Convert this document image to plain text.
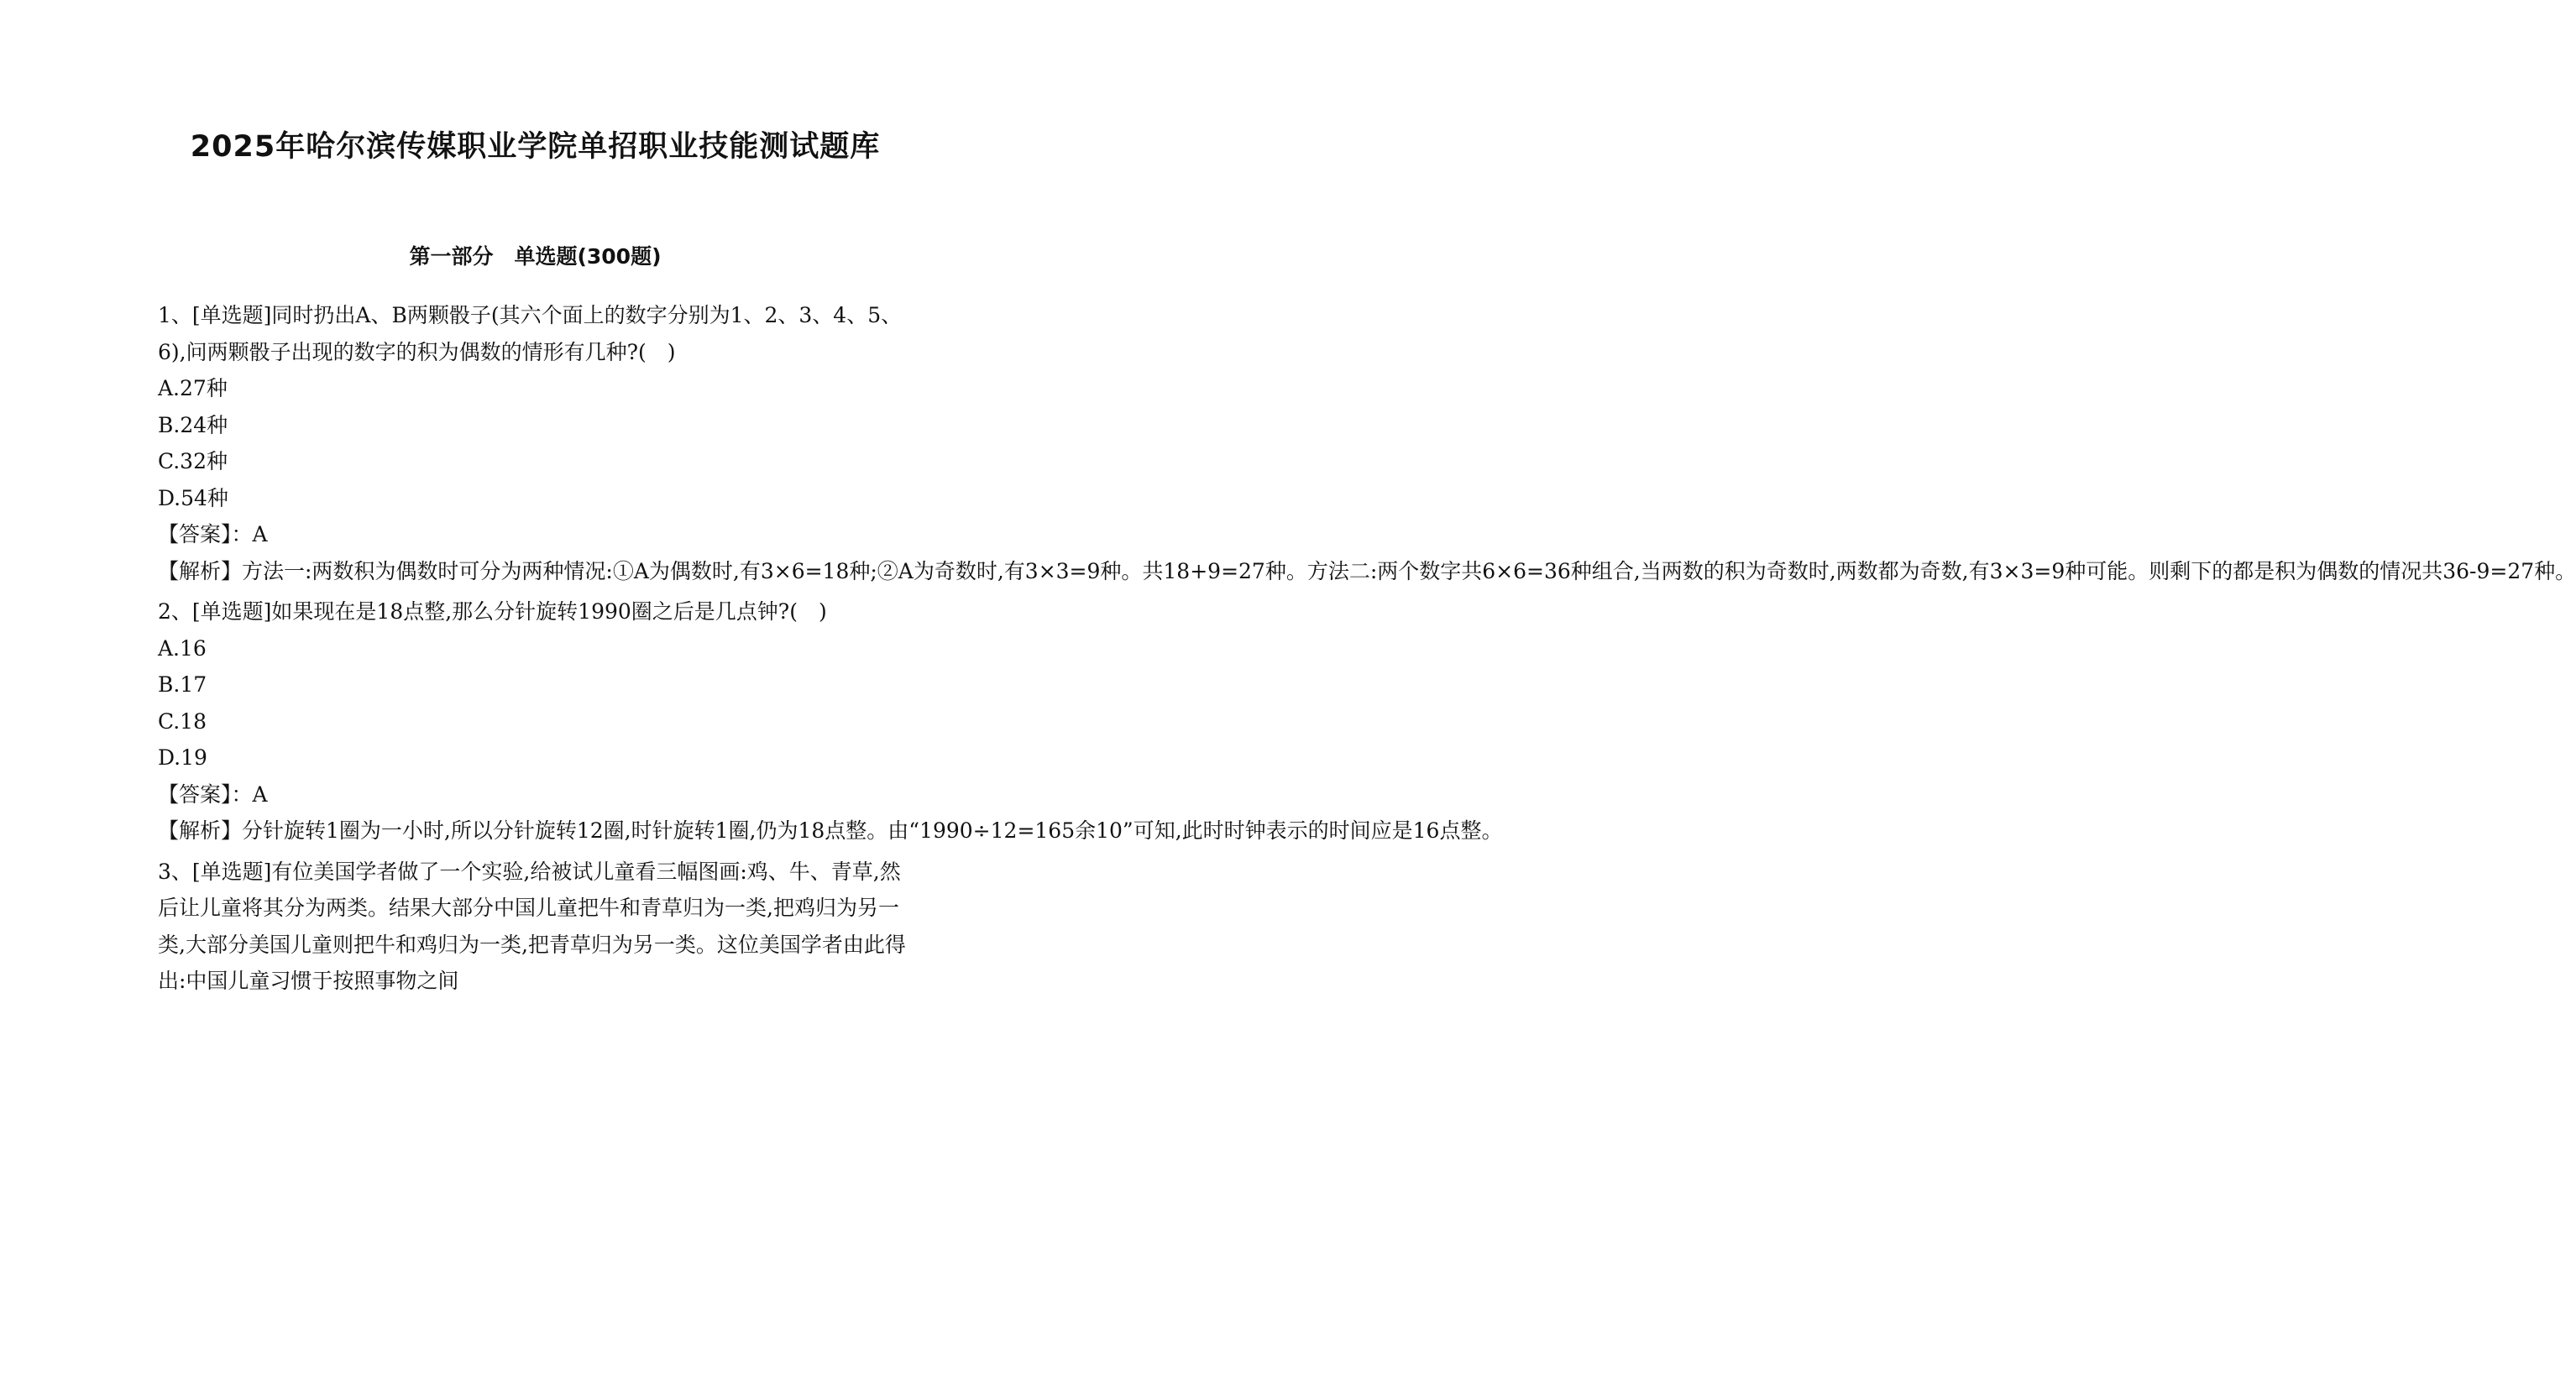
2025年哈尔滨传媒职业学院单招职业技能测试题库
第一部分　单选题(300题)

1、[单选题]同时扔出A、B两颗骰子(其六个面上的数字分别为1、2、3、4、5、6),问两颗骰子出现的数字的积为偶数的情形有几种?(　)

A.27种

B.24种

C.32种

D.54种

【答案】：A

【解析】方法一:两数积为偶数时可分为两种情况:①A为偶数时,有3×6=18种;②A为奇数时,有3×3=9种。共18+9=27种。方法二:两个数字共6×6=36种组合,当两数的积为奇数时,两数都为奇数,有3×3=9种可能。则剩下的都是积为偶数的情况共36-9=27种。

2、[单选题]如果现在是18点整,那么分针旋转1990圈之后是几点钟?(　)

A.16

B.17

C.18

D.19

【答案】：A

【解析】分针旋转1圈为一小时,所以分针旋转12圈,时针旋转1圈,仍为18点整。由“1990÷12=165余10”可知,此时时钟表示的时间应是16点整。

3、[单选题]有位美国学者做了一个实验,给被试儿童看三幅图画:鸡、牛、青草,然后让儿童将其分为两类。结果大部分中国儿童把牛和青草归为一类,把鸡归为另一类,大部分美国儿童则把牛和鸡归为一类,把青草归为另一类。这位美国学者由此得出:中国儿童习惯于按照事物之间
